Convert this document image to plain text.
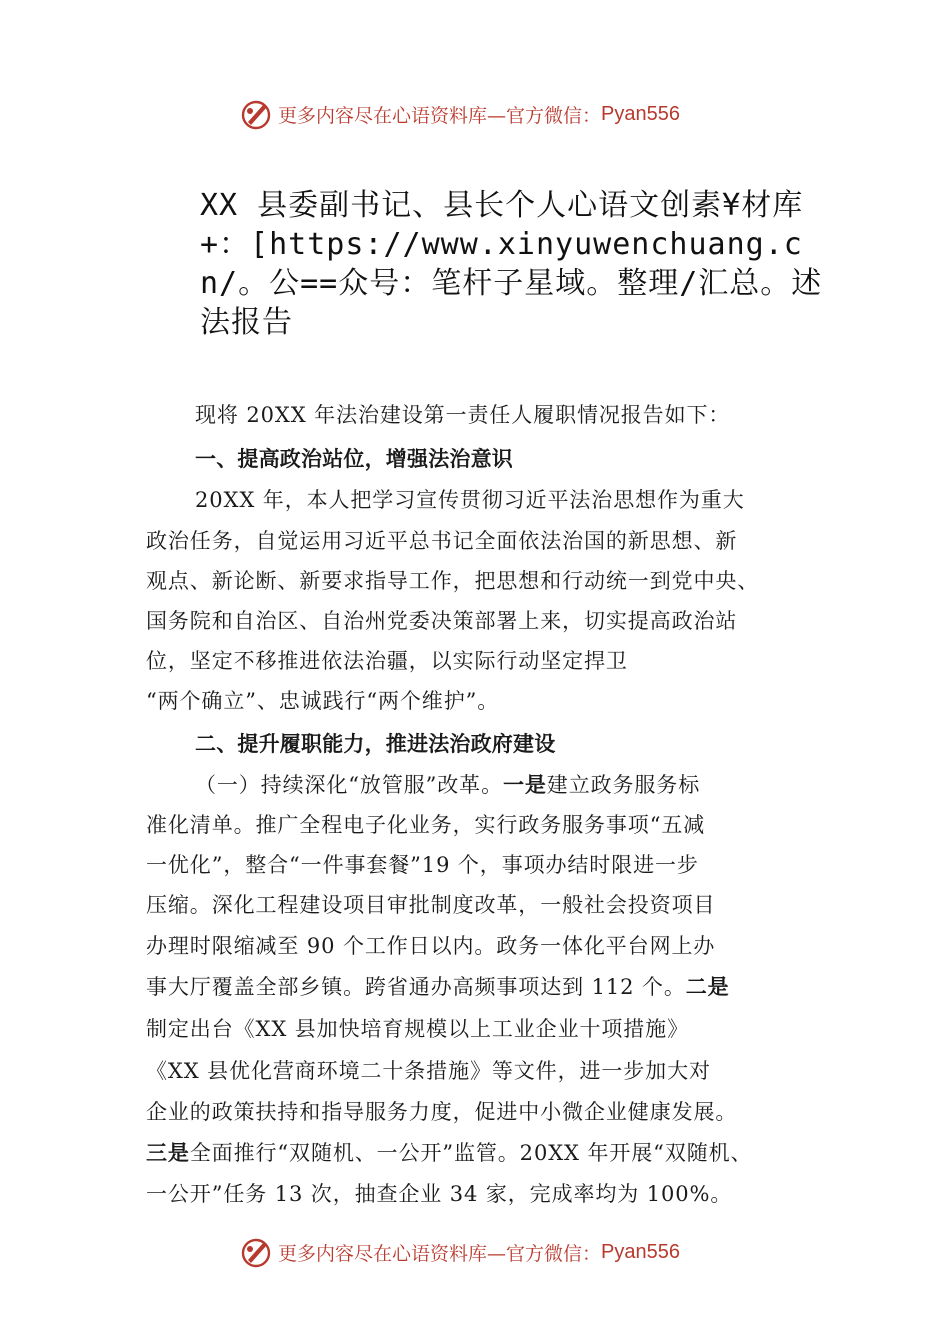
更多内容尽在心语资料库 —官方微信： Pyan556
XX 县委副书记、县长个人心语文创素¥材库+：[https://www.xinyuwenchuang.cn/。公==众号：笔杆子星域。整理/汇总。述法报告
现将 20XX 年法治建设第一责任人履职情况报告如下：
一、提高政治站位，增强法治意识
20XX 年，本人把学习宣传贯彻习近平法治思想作为重大
政治任务，自觉运用习近平总书记全面依法治国的新思想、新
观点、新论断、新要求指导工作，把思想和行动统一到党中央、
国务院和自治区、自治州党委决策部署上来，切实提高政治站
位，坚定不移推进依法治疆，以实际行动坚定捍卫
“两个确立”、忠诚践行“两个维护”。
二、提升履职能力，推进法治政府建设
（一）持续深化“放管服”改革。一是建立政务服务标
准化清单。推广全程电子化业务，实行政务服务事项“五减
一优化”，整合“一件事套餐”19 个，事项办结时限进一步
压缩。深化工程建设项目审批制度改革，一般社会投资项目
办理时限缩减至 90 个工作日以内。政务一体化平台网上办
事大厅覆盖全部乡镇。跨省通办高频事项达到 112 个。二是
制定出台《XX 县加快培育规模以上工业企业十项措施》
《XX 县优化营商环境二十条措施》等文件，进一步加大对
企业的政策扶持和指导服务力度，促进中小微企业健康发展。
三是全面推行“双随机、一公开”监管。20XX 年开展“双随机、
一公开”任务 13 次，抽查企业 34 家，完成率均为 100%。
更多内容尽在心语资料库 —官方微信： Pyan556
